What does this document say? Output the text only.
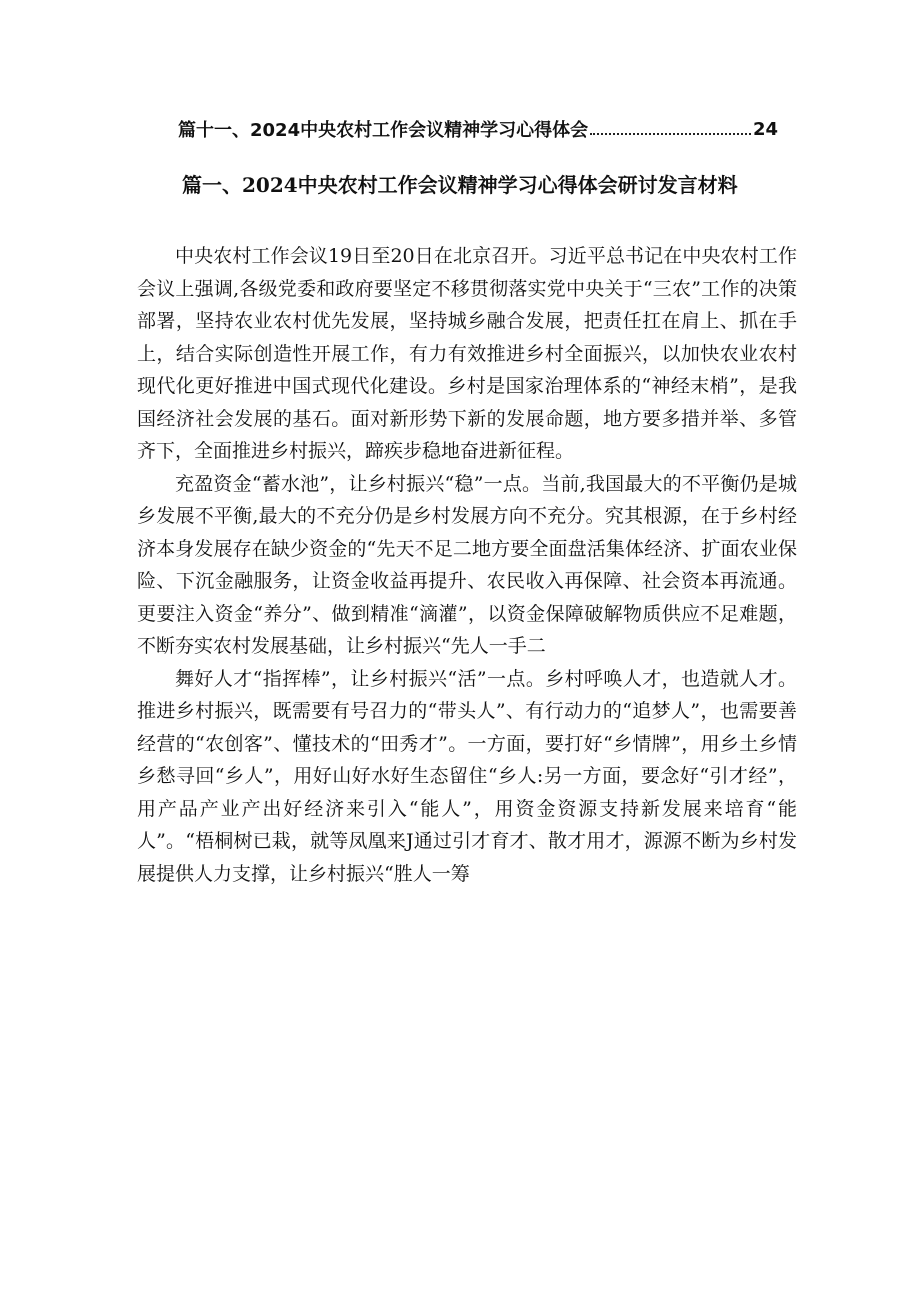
篇十一、2024中央农村工作会议精神学习心得体会	24
篇一、2024中央农村工作会议精神学习心得体会研讨发言材料

中央农村工作会议19日至20日在北京召开。习近平总书记在中央农村工作会议上强调,各级党委和政府要坚定不移贯彻落实党中央关于“三农”工作的决策部署，坚持农业农村优先发展，坚持城乡融合发展，把责任扛在肩上、抓在手上，结合实际创造性开展工作，有力有效推进乡村全面振兴，以加快农业农村现代化更好推进中国式现代化建设。乡村是国家治理体系的“神经末梢”，是我国经济社会发展的基石。面对新形势下新的发展命题，地方要多措并举、多管齐下，全面推进乡村振兴，蹄疾步稳地奋进新征程。

充盈资金“蓄水池”，让乡村振兴“稳”一点。当前,我国最大的不平衡仍是城乡发展不平衡,最大的不充分仍是乡村发展方向不充分。究其根源，在于乡村经济本身发展存在缺少资金的“先天不足二地方要全面盘活集体经济、扩面农业保险、下沉金融服务，让资金收益再提升、农民收入再保障、社会资本再流通。更要注入资金“养分”、做到精准“滴灌”，以资金保障破解物质供应不足难题，不断夯实农村发展基础，让乡村振兴“先人一手二

舞好人才“指挥棒”，让乡村振兴“活”一点。乡村呼唤人才，也造就人才。推进乡村振兴，既需要有号召力的“带头人”、有行动力的“追梦人”，也需要善经营的“农创客”、懂技术的“田秀才”。一方面，要打好“乡情牌”，用乡土乡情乡愁寻回“乡人”，用好山好水好生态留住“乡人:另一方面，要念好“引才经”，用产品产业产出好经济来引入“能人”，用资金资源支持新发展来培育“能人”。“梧桐树已栽，就等凤凰来J通过引才育才、散才用才，源源不断为乡村发展提供人力支撑，让乡村振兴“胜人一筹
